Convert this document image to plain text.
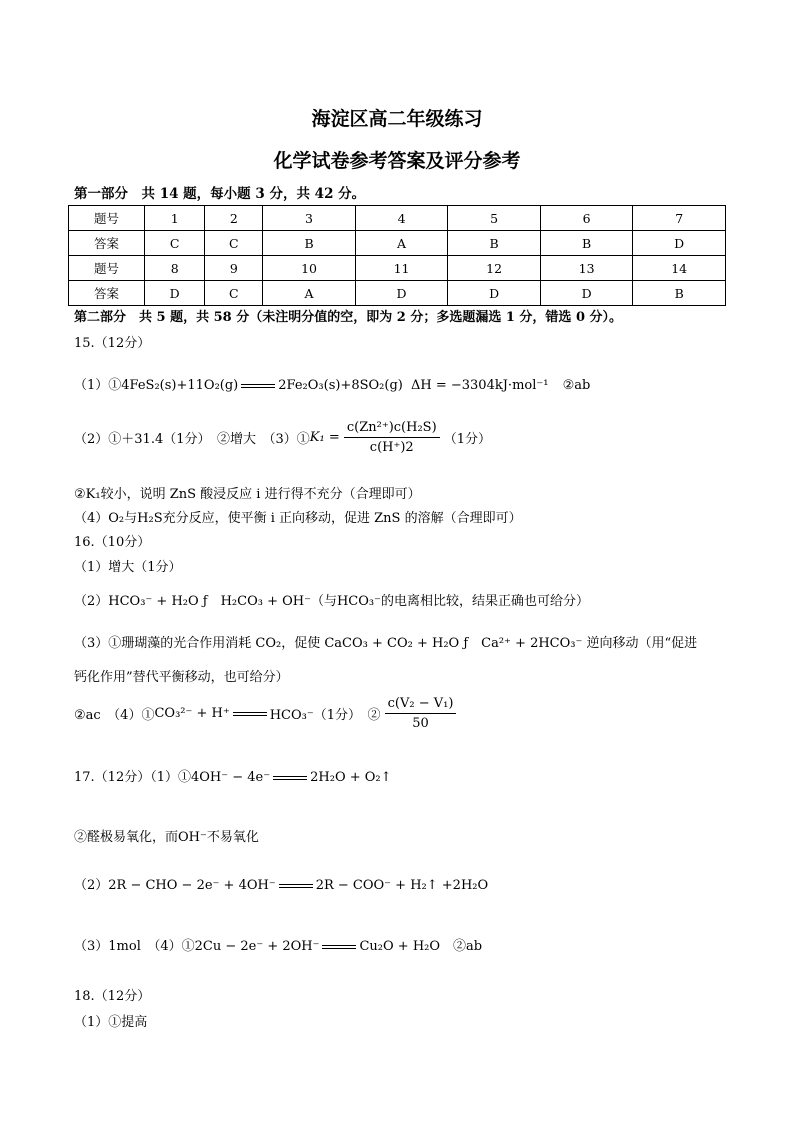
海淀区高二年级练习
化学试卷参考答案及评分参考
第一部分　共 14 题，每小题 3 分，共 42 分。
题号	1	2	3	4	5	6	7
答案	C	C	B	A	B	B	D
题号	8	9	10	11	12	13	14
答案	D	C	A	D	D	D	B
第二部分　共 5 题，共 58 分（未注明分值的空，即为 2 分；多选题漏选 1 分，错选 0 分）。
15.（12分）
（1）①4FeS₂(s)+11O₂(g)	2Fe₂O₃(s)+8SO₂(g) ΔH = −3304kJ·mol⁻¹ ②ab
（2）①＋31.4（1分）　②增大　（3）①K₁ = $\frac{\text{c(Zn²⁺)c(H₂S)}}{c(H^+)2} (1$分）
②K₁较小，说明 ZnS 酸浸反应 i 进行得不充分（合理即可）
（4）O₂与H₂S充分反应，使平衡 i 正向移动，促进 ZnS 的溶解（合理即可）
16.（10分）
（1）增大（1分）
（2）HCO₃⁻ + H₂O ƒ　H₂CO₃ + OH⁻（与HCO₃⁻的电离相比较，结果正确也可给分）
（3）①珊瑚藻的光合作用消耗 CO₂，促使 CaCO₃ + CO₂ + H₂O ƒ　Ca²⁺ + 2HCO₃⁻ 逆向移动（用“促进
钙化作用”替代平衡移动，也可给分）
②ac　（4）①CO₃²⁻ + H⁺	HCO₃⁻（1分）　② $\frac{\text{c(V₂ − V₁)}}{50}$
17.（12分）（1）①4OH⁻ − 4e⁻	2H₂O + O₂↑
②醛极易氧化，而OH⁻不易氧化
（2）2R − CHO − 2e⁻ + 4OH⁻	2R − COO⁻ + H₂↑ +2H₂O
（3）1mol　（4）①2Cu − 2e⁻ + 2OH⁻	Cu₂O + H₂O　②ab
18.（12分）
（1）①提高
